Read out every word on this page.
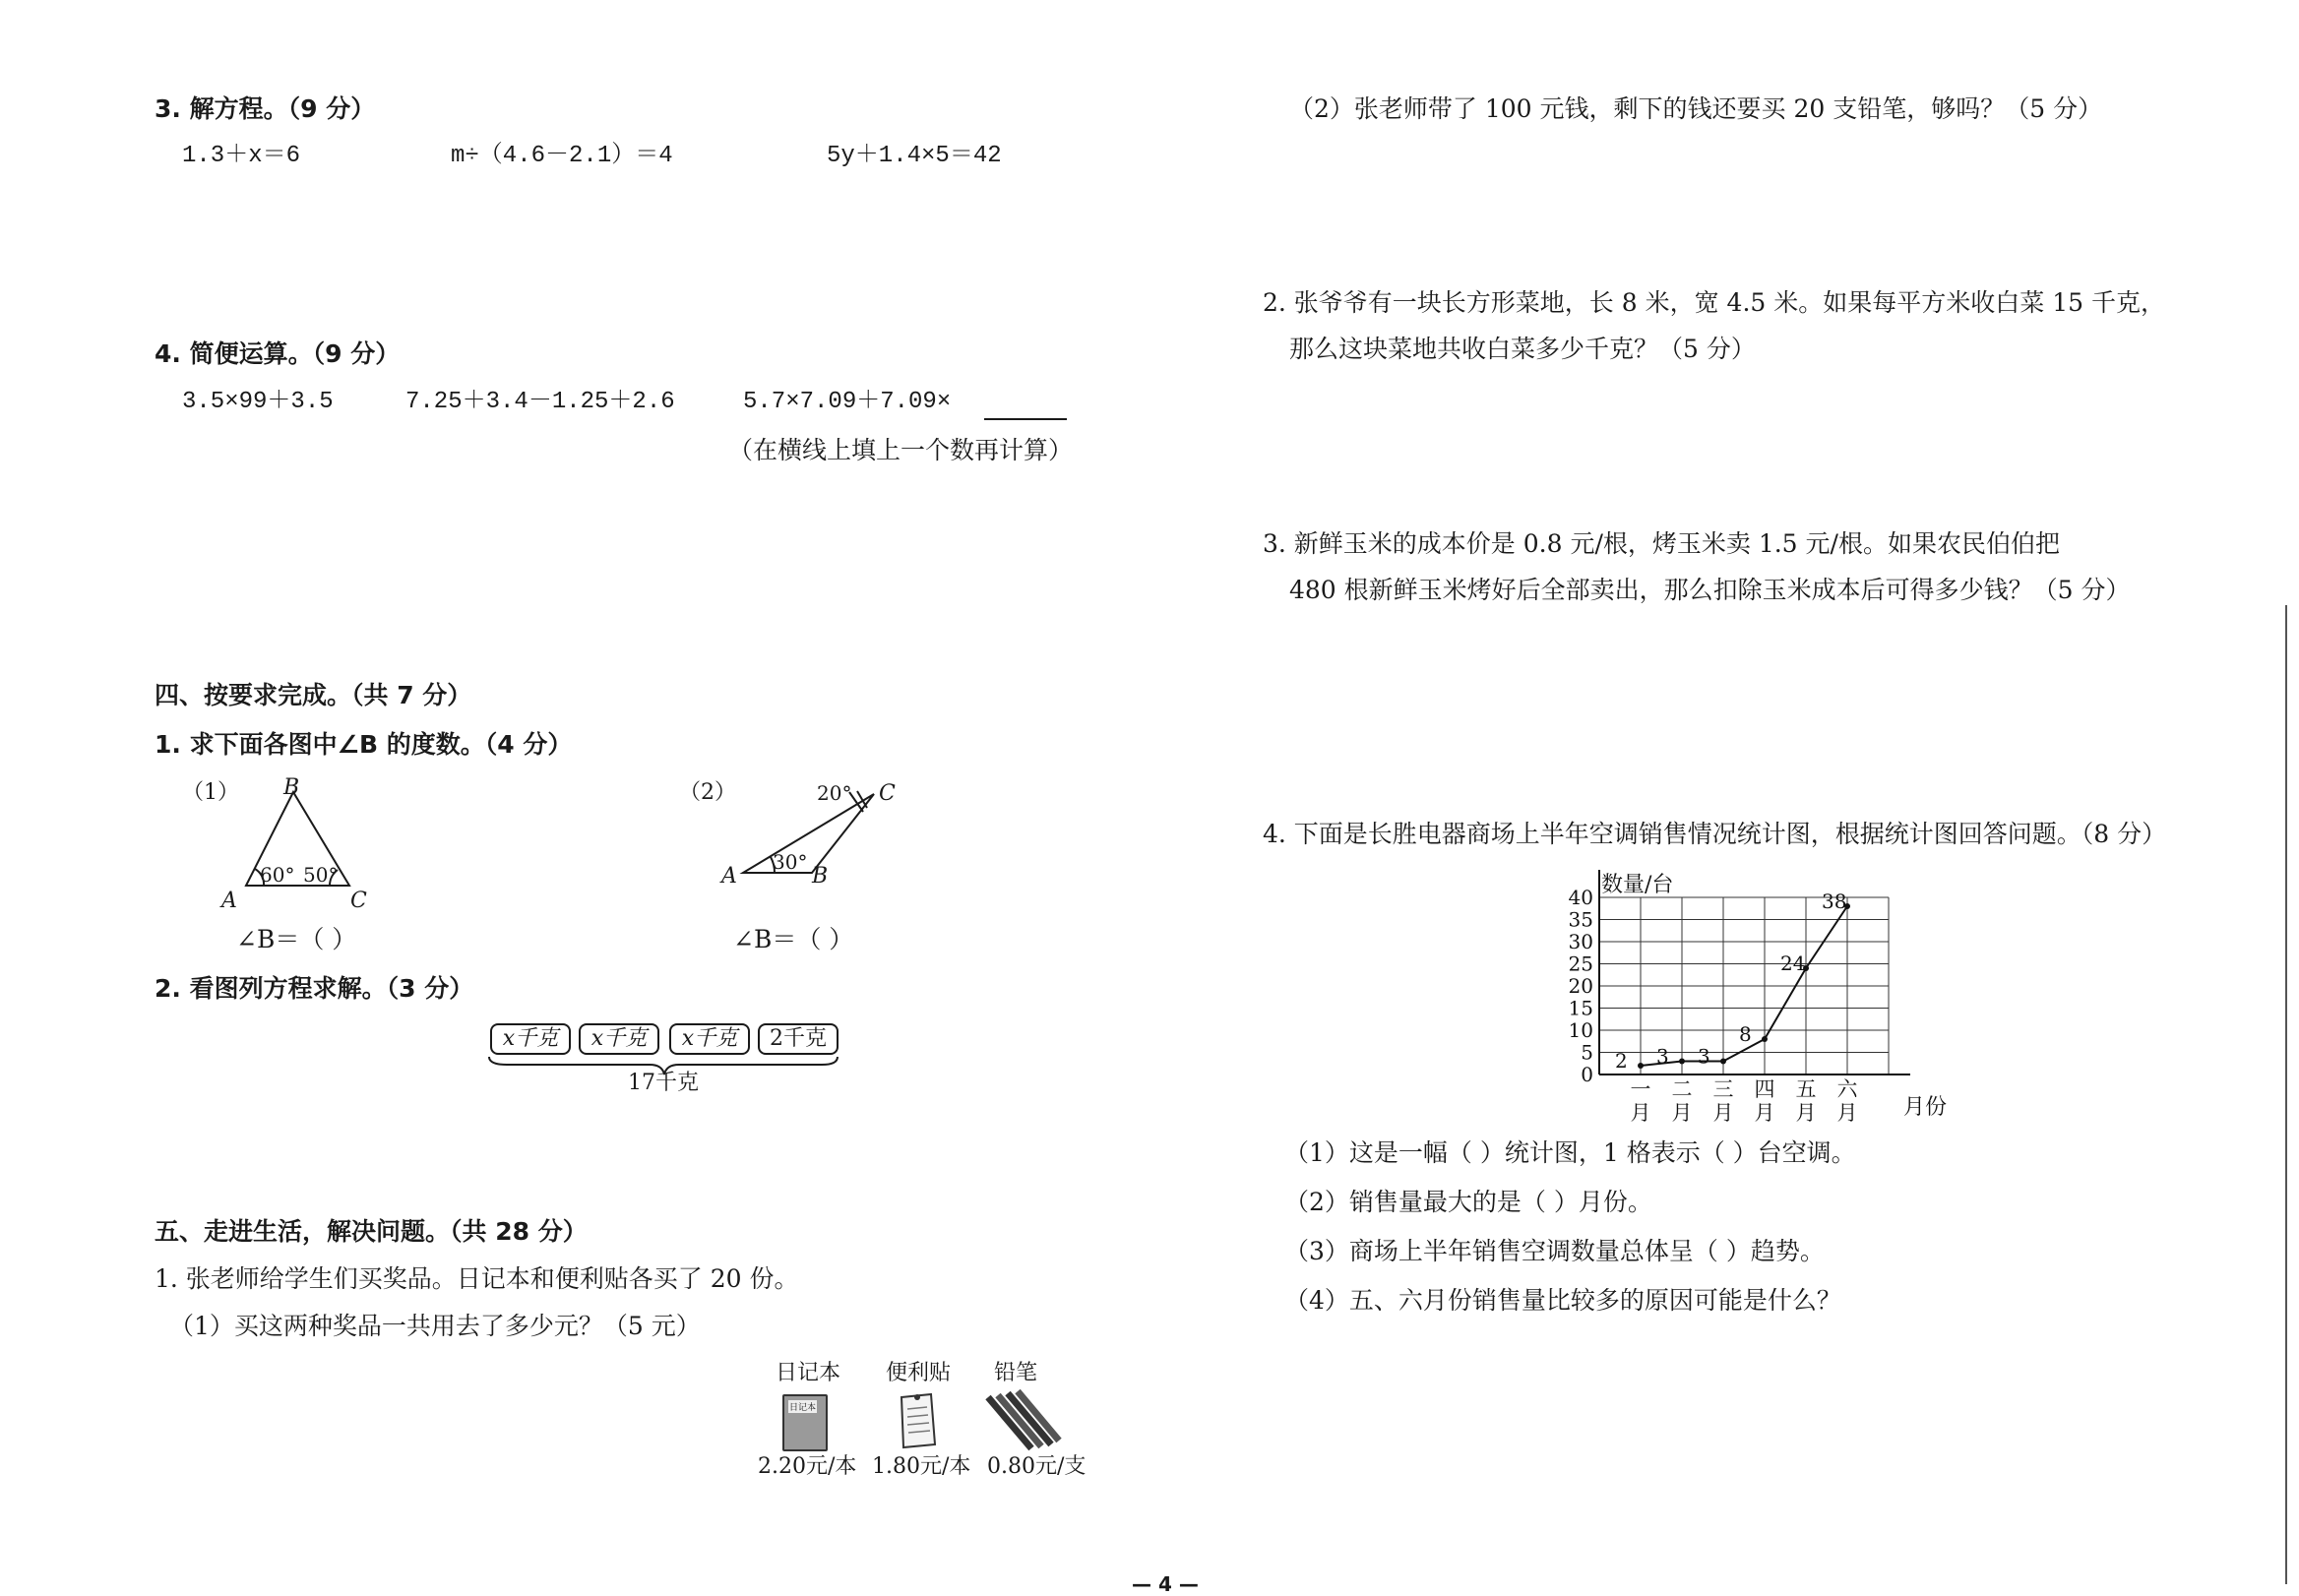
3. 解方程。（9 分）
1.3＋x＝6	m÷（4.6－2.1）＝4	5y＋1.4×5＝42
4. 简便运算。（9 分）
3.5×99＋3.5	7.25＋3.4－1.25＋2.6	5.7×7.09＋7.09×
（在横线上填上一个数再计算）
四、按要求完成。（共 7 分）
1. 求下面各图中∠B 的度数。（4 分）
（1） B
A	C
60° 50°
∠B＝（ ）
（2）	C
A	B
20°
30°
∠B＝（ ）
2. 看图列方程求解。（3 分）
x千克	x千克	x千克	2千克
17千克
五、走进生活，解决问题。（共 28 分）
1. 张老师给学生们买奖品。日记本和便利贴各买了 20 份。
（1）买这两种奖品一共用去了多少元？（5 元）
日记本
日记本
2.20元/本
便利贴
1.80元/本
铅笔
0.80元/支
（2）张老师带了 100 元钱，剩下的钱还要买 20 支铅笔，够吗？（5 分）
2. 张爷爷有一块长方形菜地，长 8 米，宽 4.5 米。如果每平方米收白菜 15 千克，
那么这块菜地共收白菜多少千克？（5 分）
3. 新鲜玉米的成本价是 0.8 元/根，烤玉米卖 1.5 元/根。如果农民伯伯把
480 根新鲜玉米烤好后全部卖出，那么扣除玉米成本后可得多少钱？（5 分）
4. 下面是长胜电器商场上半年空调销售情况统计图，根据统计图回答问题。（8 分）
0
5
10
15
20
25
30
35
40 数量/台
一
月
二
月
三
月
四
月
五
月
六
月 月份
2 3 3
8
24
38
（1）这是一幅（ ）统计图，1 格表示（ ）台空调。
（2）销售量最大的是（ ）月份。
（3）商场上半年销售空调数量总体呈（ ）趋势。
（4）五、六月份销售量比较多的原因可能是什么？
— 4 —
